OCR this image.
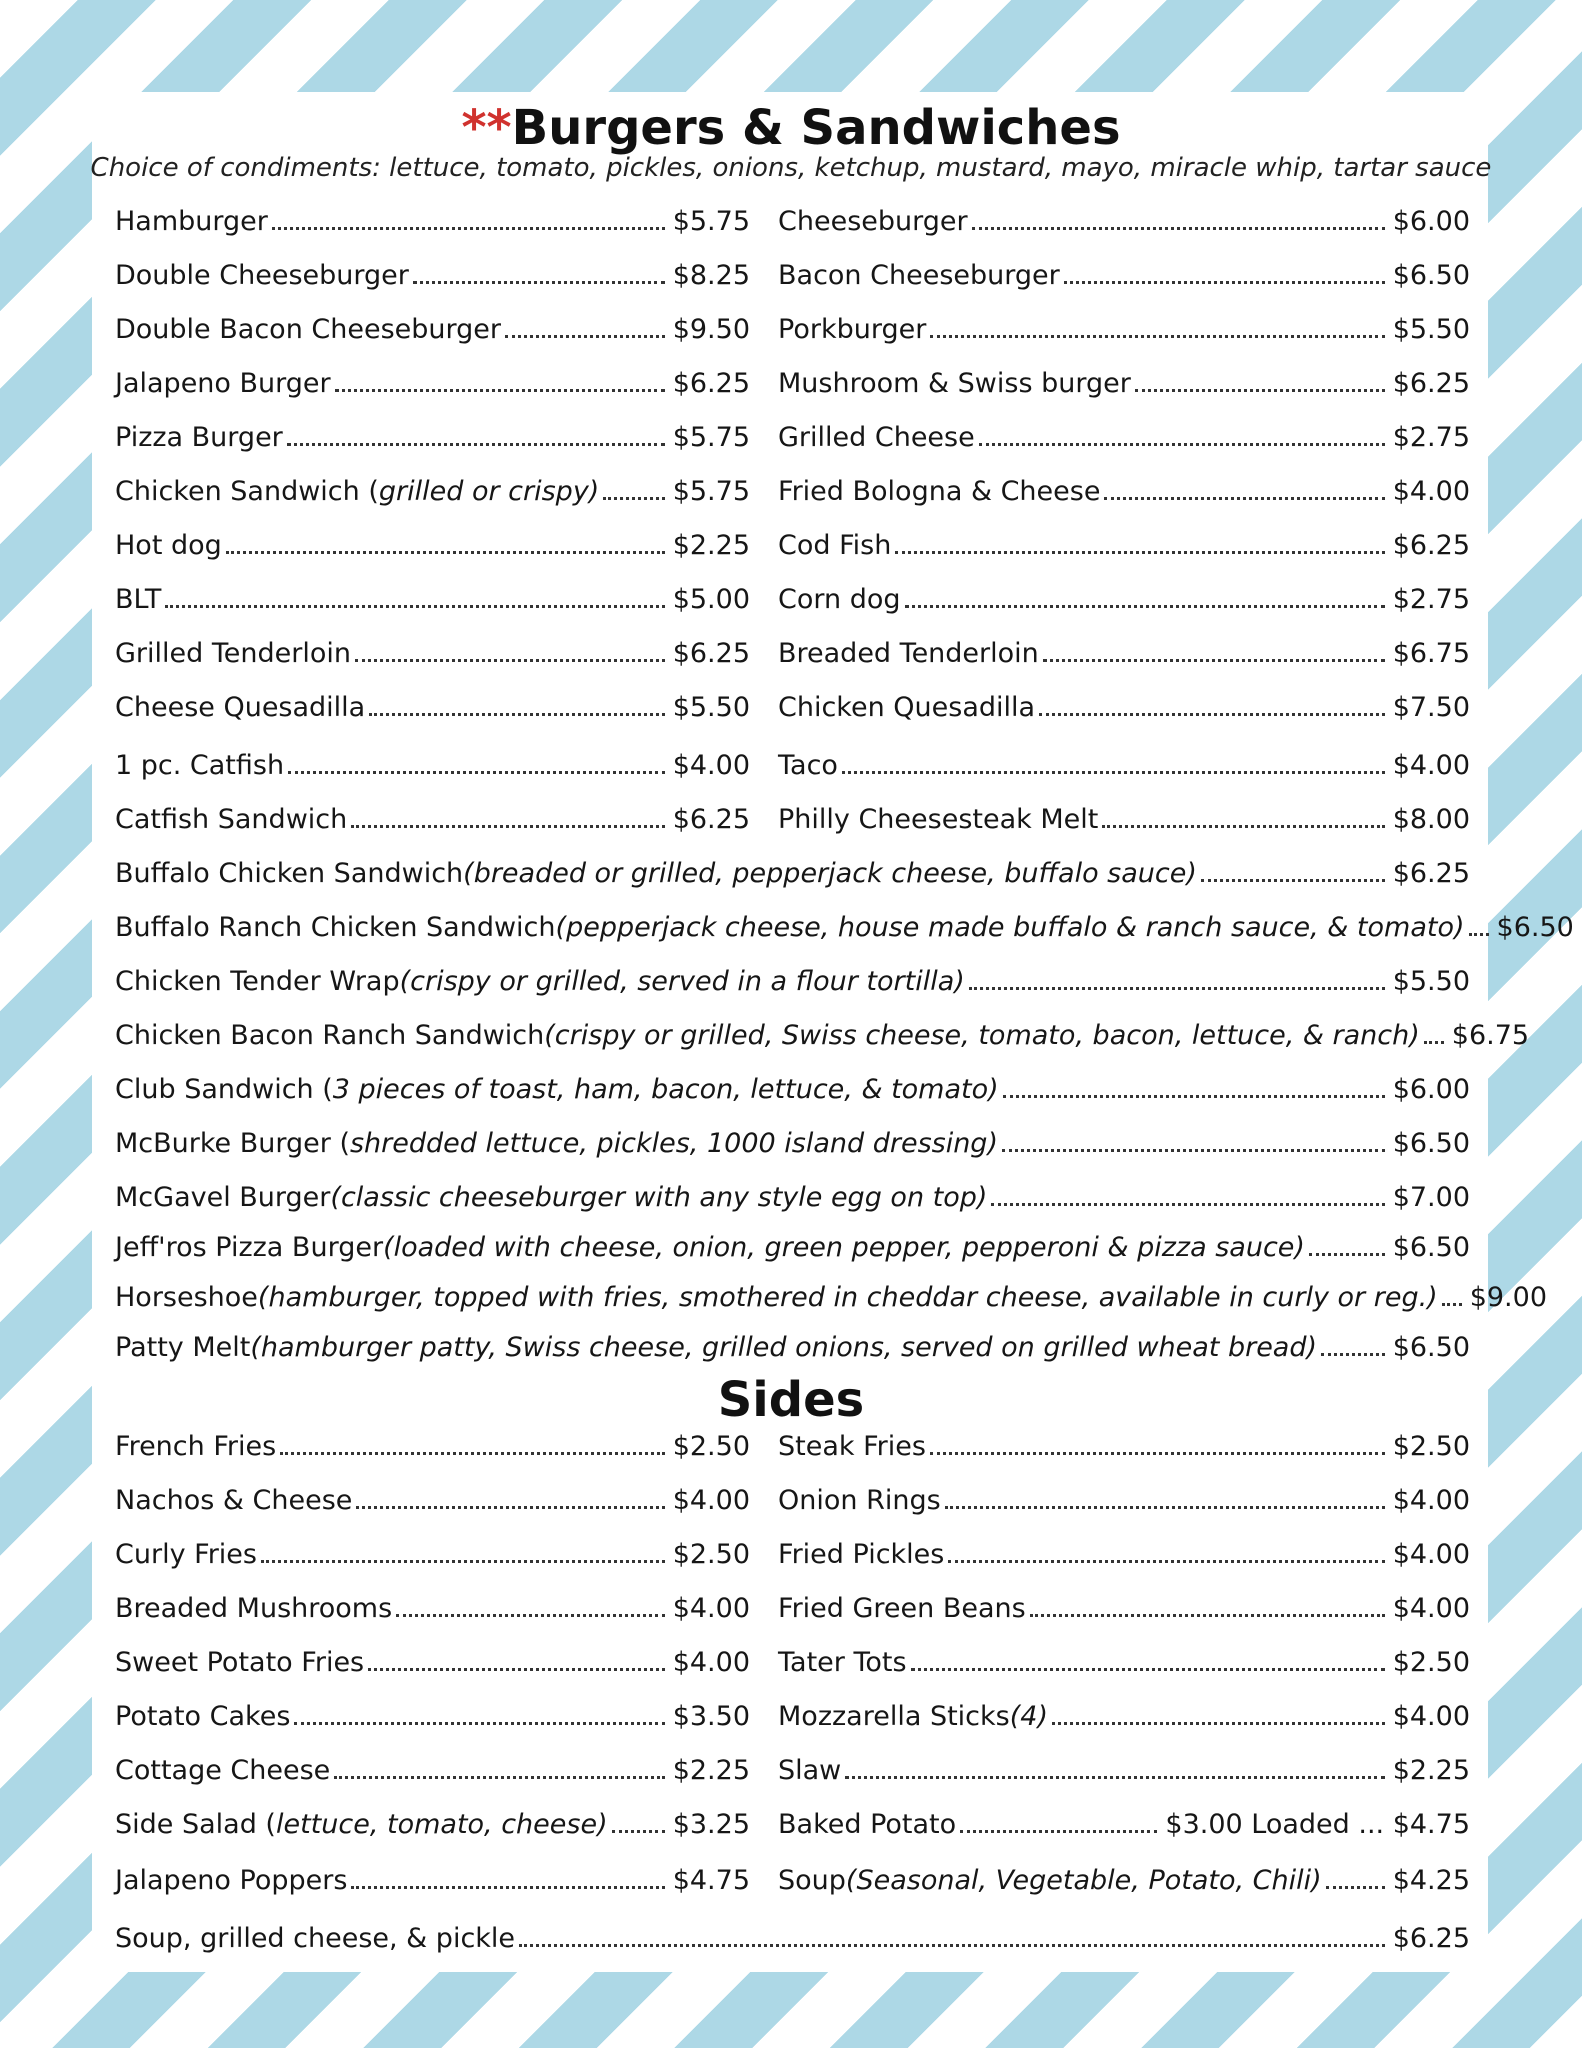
**Burgers & Sandwiches
Choice of condiments: lettuce, tomato, pickles, onions, ketchup, mustard, mayo, miracle whip, tartar sauce
Hamburger	$5.75 Cheeseburger	$6.00
Double Cheeseburger	$8.25 Bacon Cheeseburger	$6.50
Double Bacon Cheeseburger	$9.50 Porkburger	$5.50
Jalapeno Burger	$6.25 Mushroom & Swiss burger	$6.25
Pizza Burger	$5.75 Grilled Cheese	$2.75
Chicken Sandwich ( grilled or crispy)	$5.75 Fried Bologna & Cheese	$4.00
Hot dog	$2.25 Cod Fish	$6.25
BLT	$5.00 Corn dog	$2.75
Grilled Tenderloin	$6.25 Breaded Tenderloin	$6.75
Cheese Quesadilla	$5.50 Chicken Quesadilla	$7.50
1 pc. Catfish	$4.00 Taco	$4.00
Catfish Sandwich	$6.25 Philly Cheesesteak Melt	$8.00
Buffalo Chicken Sandwich (breaded or grilled, pepperjack cheese, buffalo sauce)	$6.25
Buffalo Ranch Chicken Sandwich (pepperjack cheese, house made buffalo & ranch sauce, & tomato) $6.50
Chicken Tender Wrap (crispy or grilled, served in a flour tortilla)	$5.50
Chicken Bacon Ranch Sandwich (crispy or grilled, Swiss cheese, tomato, bacon, lettuce, & ranch) $6.75
Club Sandwich ( 3 pieces of toast, ham, bacon, lettuce, & tomato)	$6.00
McBurke Burger ( shredded lettuce, pickles, 1000 island dressing)	$6.50
McGavel Burger (classic cheeseburger with any style egg on top)	$7.00
Jeff'ros Pizza Burger (loaded with cheese, onion, green pepper, pepperoni & pizza sauce)	$6.50
Horseshoe (hamburger, topped with fries, smothered in cheddar cheese, available in curly or reg.) $9.00
Patty Melt (hamburger patty, Swiss cheese, grilled onions, served on grilled wheat bread)	$6.50
Sides
French Fries	$2.50 Steak Fries	$2.50
Nachos & Cheese	$4.00 Onion Rings	$4.00
Curly Fries	$2.50 Fried Pickles	$4.00
Breaded Mushrooms	$4.00 Fried Green Beans	$4.00
Sweet Potato Fries	$4.00 Tater Tots	$2.50
Potato Cakes	$3.50 Mozzarella Sticks (4)	$4.00
Cottage Cheese	$2.25 Slaw	$2.25
Side Salad ( lettuce, tomato, cheese) $3.25 Baked Potato	$3.00 Loaded ... $4.75
Jalapeno Poppers	$4.75 Soup (Seasonal, Vegetable, Potato, Chili)	$4.25
Soup, grilled cheese, & pickle	$6.25
